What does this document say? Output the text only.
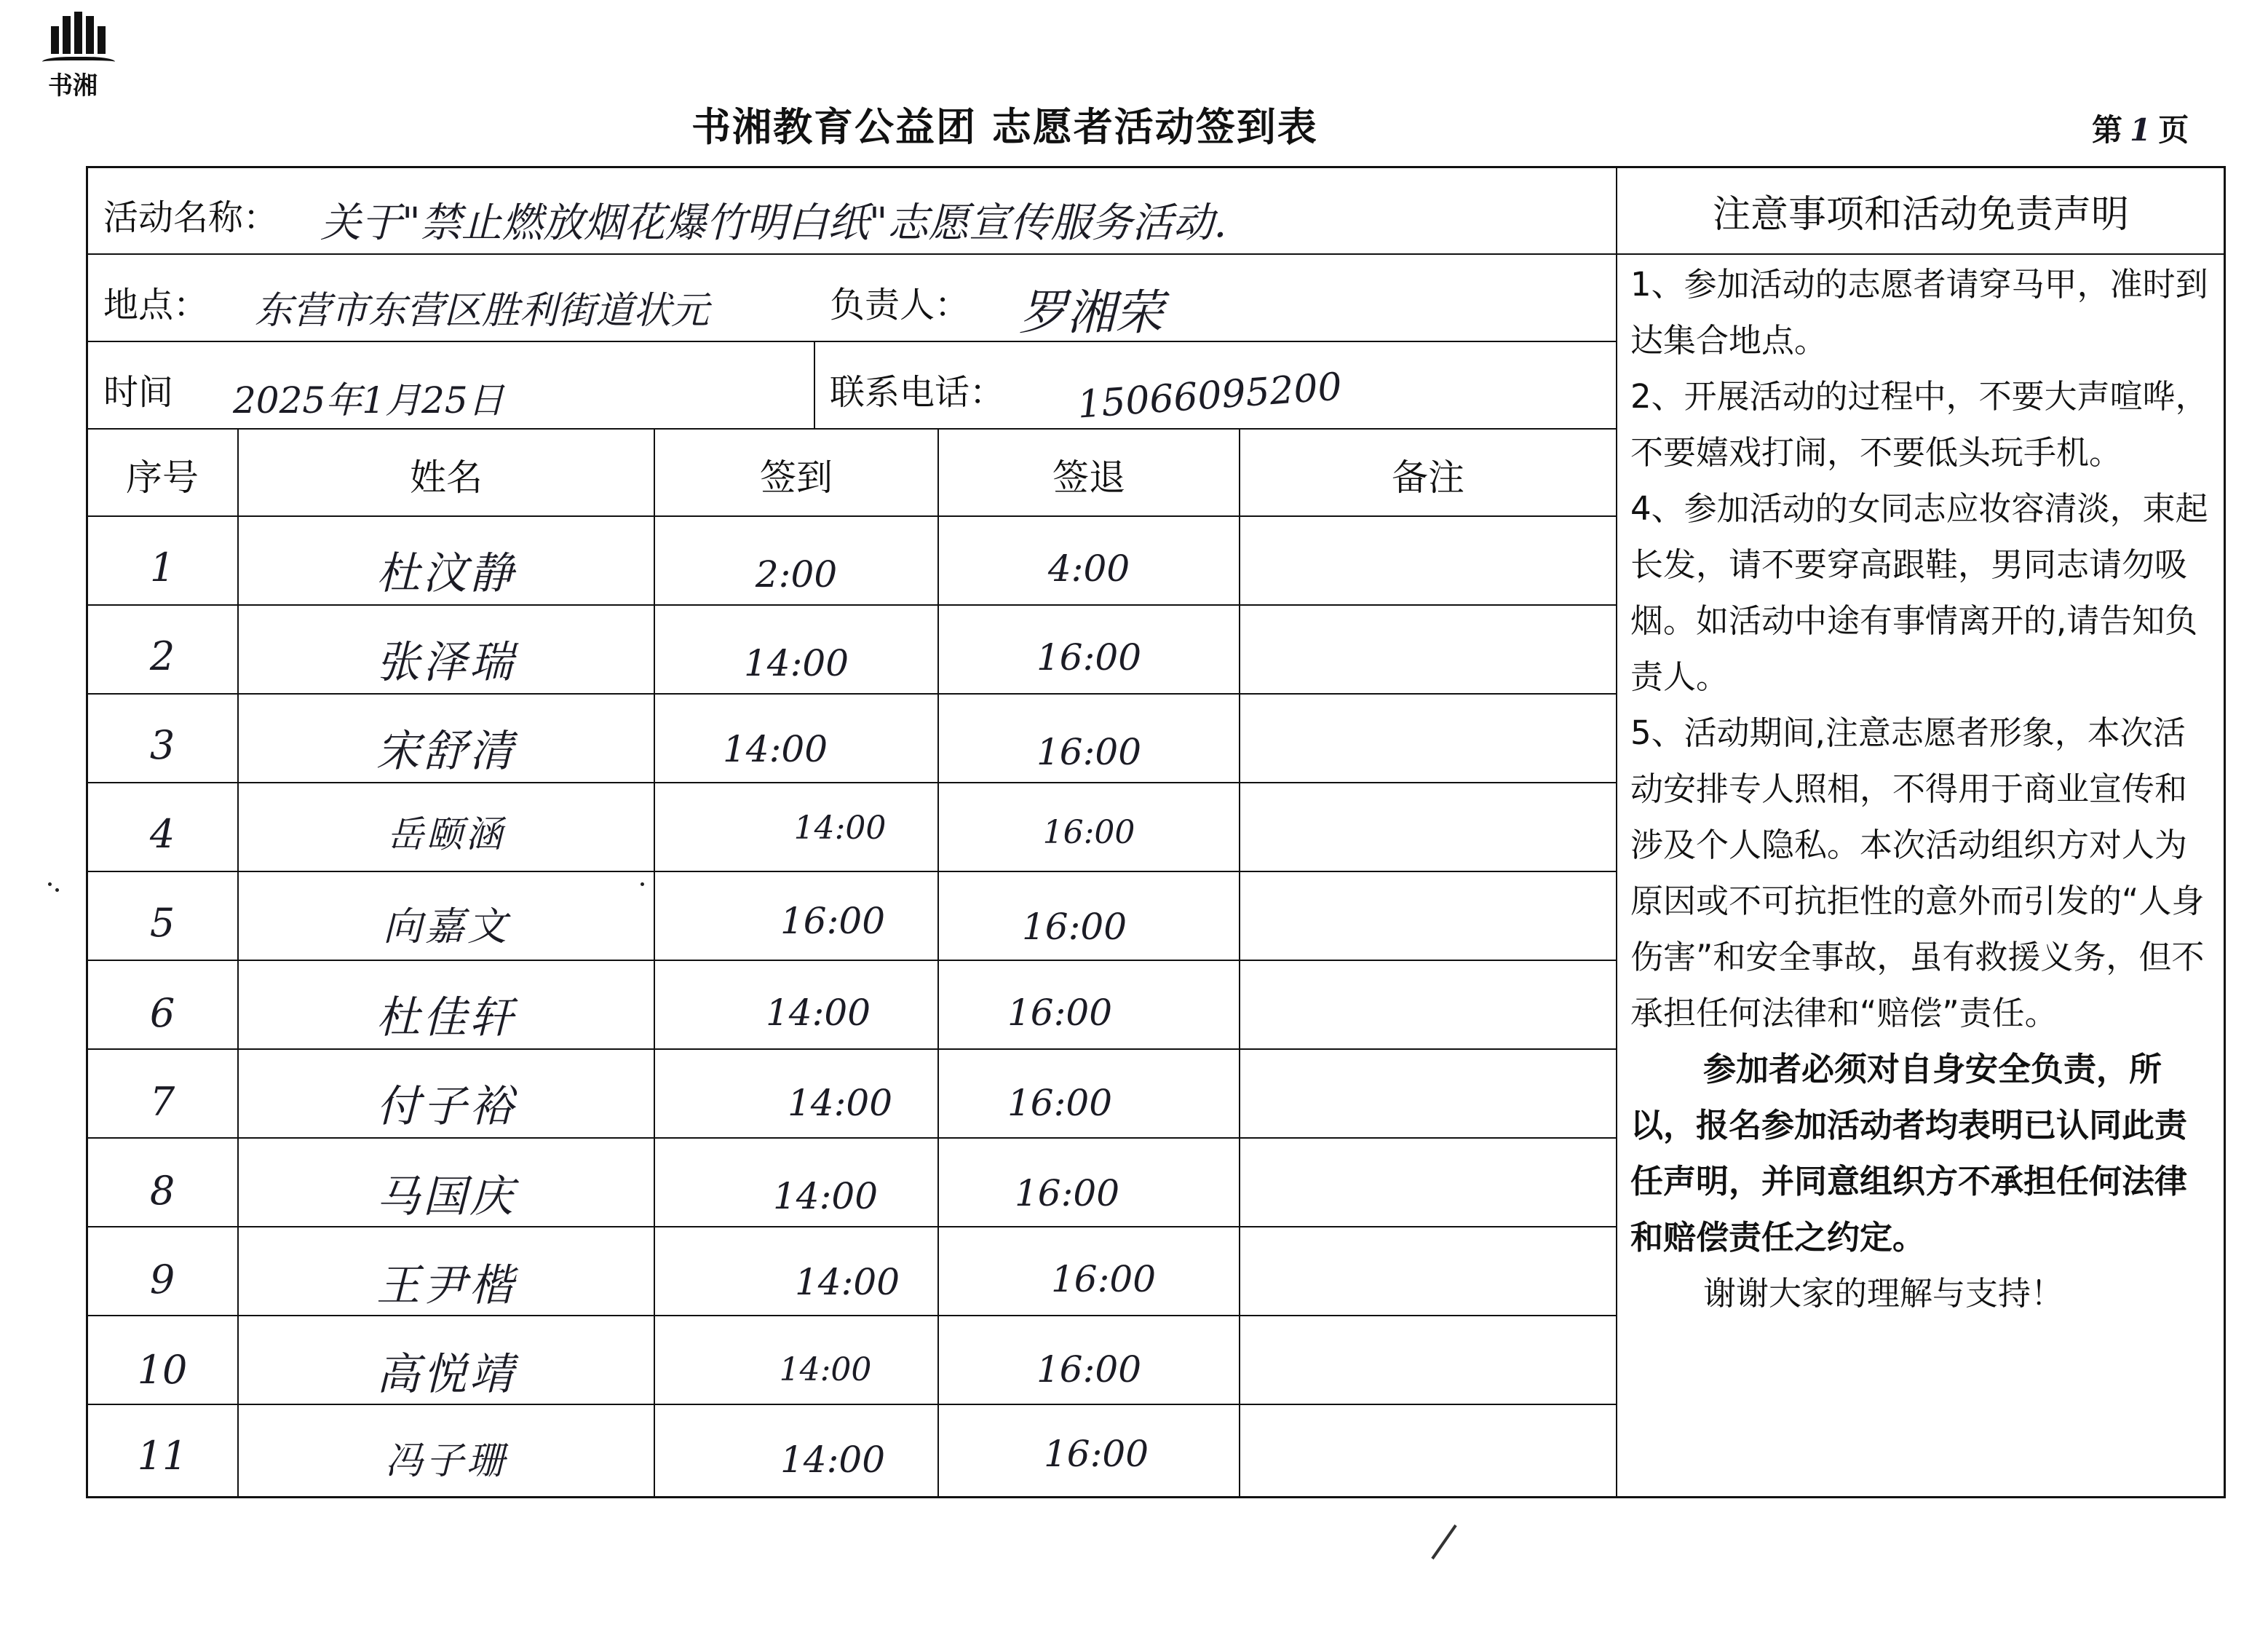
书湘
书湘教育公益团 志愿者活动签到表	第 1 页
活动名称： 关于"禁止燃放烟花爆竹明白纸"志愿宣传服务活动.
地点： 东营市东营区胜利街道状元	负责人： 罗湘荣
时间 2025年1月25日	联系电话： 15066095200
序号	姓名	签到	签退	备注
1	杜汶静	2:00	4:00
2	张泽瑞	14:00	16:00
3	宋舒清	14:00	16:00
4	岳颐涵	14:00	16:00
5	向嘉文	16:00	16:00
6	杜佳轩	14:00	16:00
7	付子裕	14:00	16:00
8	马国庆	14:00	16:00
9	王尹楷	14:00	16:00
10	高悦靖	14:00	16:00
11	冯子珊	14:00	16:00
注意事项和活动免责声明

1、参加活动的志愿者请穿马甲，准时到达集合地点。

2、开展活动的过程中，不要大声喧哗，不要嬉戏打闹，不要低头玩手机。

4、参加活动的女同志应妆容清淡，束起长发，请不要穿高跟鞋，男同志请勿吸烟。如活动中途有事情离开的,请告知负责人。

5、活动期间,注意志愿者形象，本次活动安排专人照相，不得用于商业宣传和涉及个人隐私。本次活动组织方对人为原因或不可抗拒性的意外而引发的“人身伤害”和安全事故，虽有救援义务，但不承担任何法律和“赔偿”责任。

参加者必须对自身安全负责，所以，报名参加活动者均表明已认同此责任声明，并同意组织方不承担任何法律和赔偿责任之约定。

谢谢大家的理解与支持！
